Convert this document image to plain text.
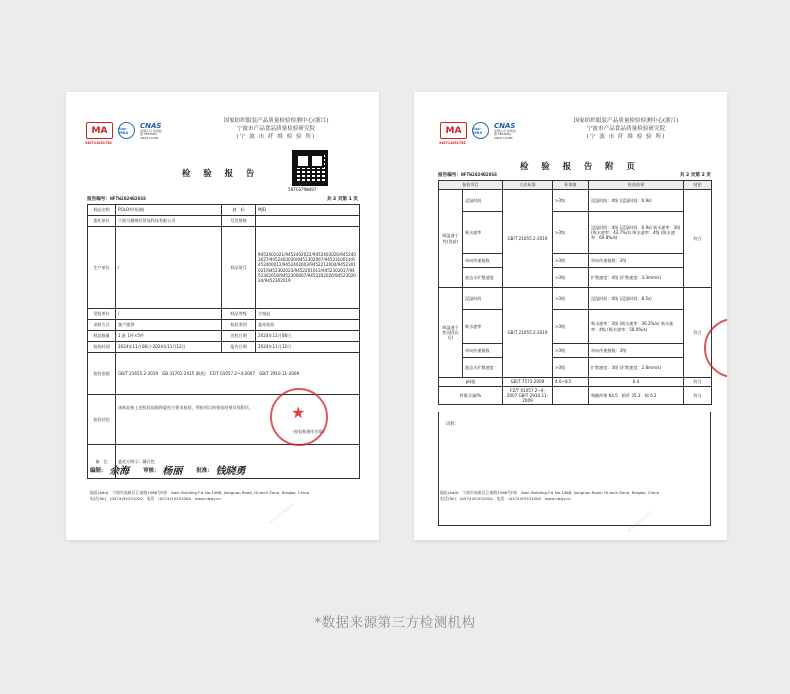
MA
240711051758
ilac-MRA
CNAS
中国认可 检验检测 TESTING CNAS L0389
国家纺织服装产品质量检验检测中心(浙江)
宁波市产品食品质量检验研究院
(宁 波 市 纤 维 检 验 所)
检 验 报 告
587C679W497
报告编号：NFTW2024B2658	共 2 页第 1 页
样品名称	POLO衫(短袖)	商　标	MJD
委托单位	宁波马德钢衫贸易科技有限公司	号型规格	
生产单位	/	样品货号	9452401021/9452402022/9452403026/9452403027/9452403030/9452302007/9452310014/9452400012/9452402003/9452212004/9452301021/9452302023/9452201013/9452302017/9452302018/9452300007/9452302026/9452302034/9452302019
受检单位	/	样品等级	合格品
采样方式	客户提供	检验类别	委托检验
样品数量	1 批 1件×5件	送样日期	2024年11月08日
检验时间	2024年11月08日-2024年11月12日	报告日期	2024年11月12日
检验依据	GB/T 21655.2-2019　GB 31701-2015 (B类)　FZ/T 01057.2~4-2007　GB/T 2910.11-2009		
检验结论	该样品按上述检验依据和委托方要求检验，所检项目的检验结果详见附页。
（检验检测专用章）		

备　注	委托方明示：藕合色		
★
编制： 余海	审核： 杨丽	批准： 钱晓勇
地址(Add)：宁波市高新区江南路1568号F座　Add: Building F# No.1568, Jiangnan Road, Hi-tech Zone, Ningbo, China
电话(Tel)：(0574)55331020　电话：(0574)55331000　www.nbzjy.cn
NFTW2024B2658
MA
240711051758
ilac-MRA
CNAS
中国认可 检验检测 TESTING CNAS L0389
国家纺织服装产品质量检验检测中心(浙江)
宁波市产品食品质量检验研究院
(宁 波 市 纤 维 检 验 所)
检 验 报 告 附 页
报告编号：NFTW2024B2658	共 2 页第 2 页
检验项目		方法标准	标准值	检验结果	结论
吸湿速干性(洗前)	浸湿时间	GB/T 21655.2-2019	>3级	浸湿时间：4级 (浸湿时间：6.9s)	符合
	吸水速率		>3级	浸湿时间：4级 (浸湿时间：6.9s) 吸水速率：3级 (吸水速率：43.7%/s) 吸水速率：4级 (吸水速率：60.8%/s)	
	单向传递指数		>3级	单向传递指数：3级	
	液态水扩散速度		>3级	扩散速度：4级 (扩散速度：3.3mm/s)	
吸湿速干性(洗5次后)	浸湿时间	GB/T 21655.2-2019	>3级	浸湿时间：4级 (浸湿时间：8.5s)	符合
	吸水速率		>3级	吸水速率：3级 (吸水速率：36.2%/s) 吸水速率：4级 (吸水速率：58.0%/s)	
	单向传递指数		>3级	单向传递指数：3级	
	液态水扩散速度		>3级	扩散速度：3级 (扩散速度：2.8mm/s)	
pH值		GB/T 7573-2009	4.0~8.5	6.4	符合
纤维含量/%		FZ/T 01057.2~4-2007 GB/T 2910.11-2009		聚酯纤维 64.5　粘纤 35.3　棉 0.2	符合
试样：
地址(Add)：宁波市高新区江南路1568号F座　Add: Building F# No.1568, Jiangnan Road, Hi-tech Zone, Ningbo, China
电话(Tel)：(0574)55331020　电话：(0574)55331000　www.nbzjy.cn
NFTW2024B2658
*数据来源第三方检测机构
